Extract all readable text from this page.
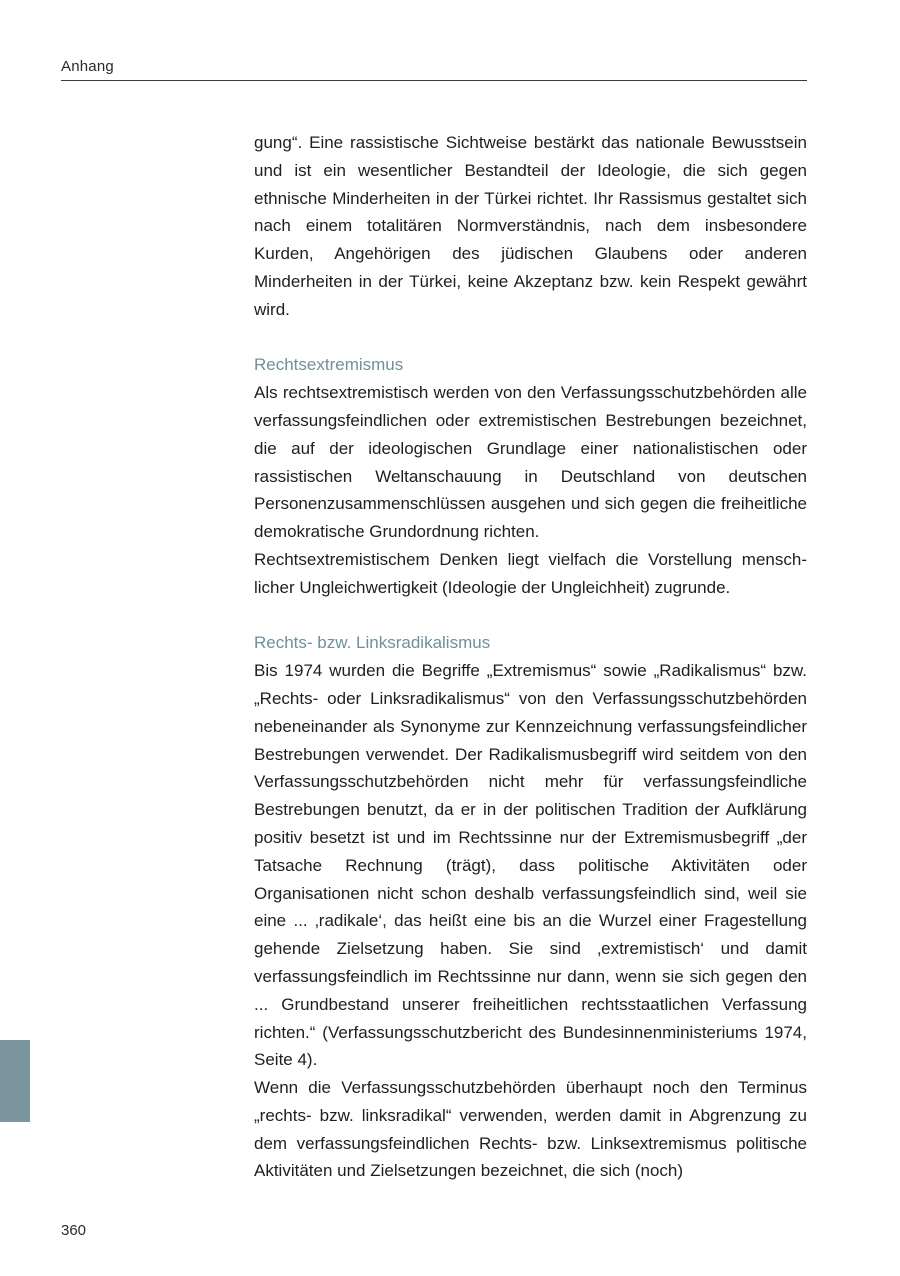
Anhang

gung“. Eine rassistische Sichtweise bestärkt das nationale Bewusstsein und ist ein wesentlicher Bestandteil der Ideologie, die sich gegen ethnische Minderheiten in der Türkei richtet. Ihr Rassismus gestaltet sich nach einem totalitären Normverständnis, nach dem insbesondere Kurden, Angehörigen des jüdischen Glaubens oder anderen Minderheiten in der Türkei, keine Akzeptanz bzw. kein Respekt gewährt wird.

Rechtsextremismus

Als rechtsextremistisch werden von den Verfassungsschutzbehörden alle verfassungsfeindlichen oder extremistischen Bestrebungen bezeichnet, die auf der ideologischen Grundlage einer nationalistischen oder rassistischen Weltanschauung in Deutschland von deutschen Personenzusammenschlüssen ausgehen und sich gegen die freiheitliche demokratische Grundordnung richten.

Rechtsextremistischem Denken liegt vielfach die Vorstellung menschlicher Ungleichwertigkeit (Ideologie der Ungleichheit) zugrunde.

Rechts- bzw. Linksradikalismus

Bis 1974 wurden die Begriffe „Extremismus“ sowie „Radikalismus“ bzw. „Rechts- oder Linksradikalismus“ von den Verfassungsschutzbehörden nebeneinander als Synonyme zur Kennzeichnung verfassungsfeindlicher Bestrebungen verwendet. Der Radikalismusbegriff wird seitdem von den Verfassungsschutzbehörden nicht mehr für verfassungsfeindliche Bestrebungen benutzt, da er in der politischen Tradition der Aufklärung positiv besetzt ist und im Rechtssinne nur der Extremismusbegriff „der Tatsache Rechnung (trägt), dass politische Aktivitäten oder Organisationen nicht schon deshalb verfassungsfeindlich sind, weil sie eine ... ‚radikale‘, das heißt eine bis an die Wurzel einer Fragestellung gehende Zielsetzung haben. Sie sind ‚extremistisch‘ und damit verfassungsfeindlich im Rechtssinne nur dann, wenn sie sich gegen den ... Grundbestand unserer freiheitlichen rechtsstaatlichen Verfassung richten.“ (Verfassungsschutzbericht des Bundesinnenministeriums 1974, Seite 4).

Wenn die Verfassungsschutzbehörden überhaupt noch den Terminus „rechts- bzw. linksradikal“ verwenden, werden damit in Abgrenzung zu dem verfassungsfeindlichen Rechts- bzw. Linksextremismus politische Aktivitäten und Zielsetzungen bezeichnet, die sich (noch)

360
